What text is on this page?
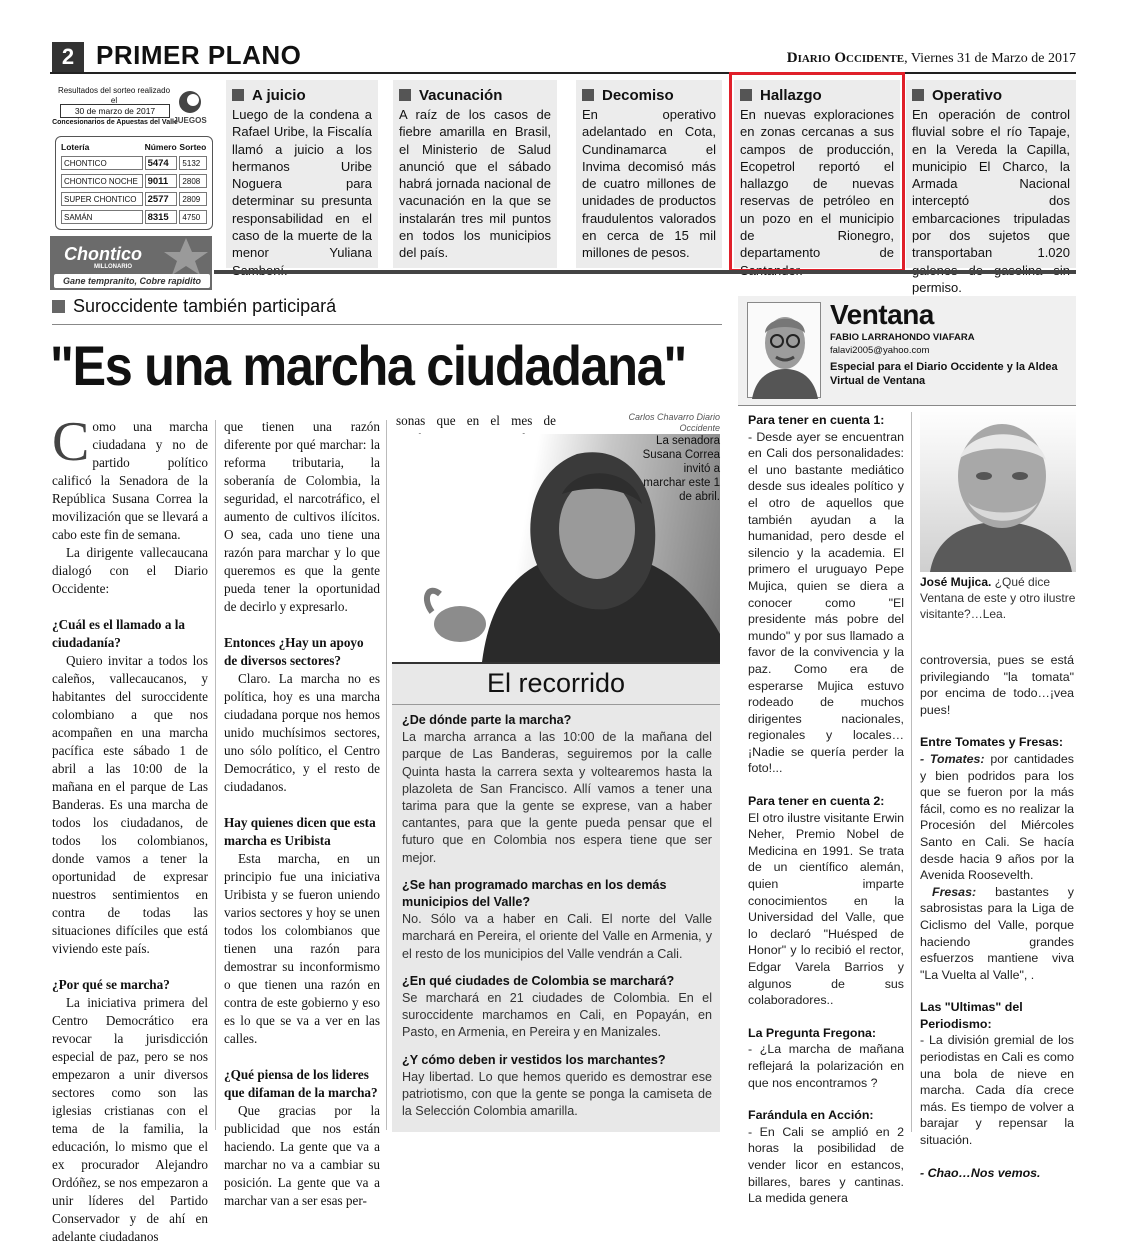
2 PRIMER PLANO	Diario Occidente, Viernes 31 de Marzo de 2017
Resultados del sorteo realizado el
30 de marzo de 2017
Concesionarios de Apuestas del Valle
JUEGOS
Lotería	Número	Sorteo

CHONTICO	5474	5132

CHONTICO NOCHE	9011	2808

SUPER CHONTICO	2577	2809

SAMÁN	8315	4750
Chontico
MILLONARIO
Gane tempranito, Cobre rapidito
A juicio

Luego de la condena a Rafael Uribe, la Fiscalía llamó a juicio a los hermanos Uribe Noguera para determinar su presunta responsabilidad en el caso de la muerte de la menor Yuliana

Vacunación

A raíz de los casos de fiebre amarilla en Brasil, el Ministerio de Salud anunció que el sábado habrá jornada nacional de vacunación en la que se instalarán tres mil puntos en todos los municipios del país.

Decomiso

En operativo adelantado en Cota, Cundinamarca el Invima decomisó más de cuatro millones de unidades de productos fraudulentos valorados en cerca de 15 mil millones de pesos.

Hallazgo

En nuevas exploraciones en zonas cercanas a sus campos de producción, Ecopetrol reportó el hallazgo de nuevas reservas de petróleo en un pozo en el municipio de Rionegro, departamento de

Operativo

En operación de control fluvial sobre el río Tapaje, en la Vereda la Capilla, municipio El Charco, la Armada Nacional interceptó dos embarcaciones tripuladas por dos sujetos que transportaban 1.020 permiso.

Suroccidente también participará
"Es una marcha ciudadana"

Como una marcha ciudadana y no de partido político calificó la Senadora de la República Susana Correa la movilización que se llevará a cabo este fin de semana.

La dirigente vallecaucana dialogó con el Diario Occidente:

¿Cuál es el llamado a la ciudadanía?

Quiero invitar a todos los caleños, vallecaucanos, y habitantes del suroccidente colombiano a que nos acompañen en una marcha pacífica este sábado 1 de abril a las 10:00 de la mañana en el parque de Las Banderas. Es una marcha de todos los ciudadanos, de todos los colombianos, donde vamos a tener la oportunidad de expresar nuestros sentimientos en contra de todas las situaciones difíciles que está viviendo este país.

¿Por qué se marcha?

La iniciativa primera del Centro Democrático era revocar la jurisdicción especial de paz, pero se nos empezaron a unir diversos sectores como son las iglesias cristianas con el tema de la familia, la educación, lo mismo que el ex procurador Alejandro Ordóñez, se nos empezaron a unir líderes del Partido Conservador y de ahí en adelante ciudadanos

que tienen una razón diferente por qué marchar: la reforma tributaria, la soberanía de Colombia, la seguridad, el narcotráfico, el aumento de cultivos ilícitos. O sea, cada uno tiene una razón para marchar y lo que queremos es que la gente pueda tener la oportunidad de decirlo y expresarlo.

Entonces ¿Hay un apoyo de diversos sectores?

Claro. La marcha no es política, hoy es una marcha ciudadana porque nos hemos unido muchísimos sectores, uno sólo político, el Centro Democrático, y el resto de ciudadanos.

Hay quienes dicen que esta marcha es Uribista

Esta marcha, en un principio fue una iniciativa Uribista y se fueron uniendo varios sectores y hoy se unen todos los colombianos que tienen una razón para demostrar su inconformismo o que tienen una razón en contra de este gobierno y eso es lo que se va a ver en las calles.

¿Qué piensa de los lideres que difaman de la marcha?

Que gracias por la publicidad que nos están haciendo. La gente que va a marchar no va a cambiar su posición. La gente que va a marchar van a ser esas per-

sonas que en el mes de	Carlos Chavarro Diario Occidente
La senadora Susana Correa invitó a marchar este 1 de abril.
El recorrido
¿De dónde parte la marcha?

La marcha arranca a las 10:00 de la mañana del parque de Las Banderas, seguiremos por la calle Quinta hasta la carrera sexta y voltearemos hasta la plazoleta de San Francisco. Allí vamos a tener una tarima para que la gente se exprese, van a haber cantantes, para que la gente pueda pensar que el futuro que en Colombia nos espera tiene que ser mejor.

¿Se han programado marchas en los demás municipios del Valle?

No. Sólo va a haber en Cali. El norte del Valle marchará en Pereira, el oriente del Valle en Armenia, y el resto de los municipios del Valle vendrán a Cali.

¿En qué ciudades de Colombia se marchará?

Se marchará en 21 ciudades de Colombia. En el suroccidente marchamos en Cali, en Popayán, en Pasto, en Armenia, en Pereira y en Manizales.

¿Y cómo deben ir vestidos los marchantes?

Hay libertad. Lo que hemos querido es demostrar ese patriotismo, con que la gente se ponga la camiseta de la Selección Colombia amarilla.

Ventana
FABIO LARRAHONDO VIAFARA
falavi2005@yahoo.com
Especial para el Diario Occidente y la Aldea Virtual de Ventana
Para tener en cuenta 1:

- Desde ayer se encuentran en Cali dos personalidades: el uno bastante mediático desde sus ideales político y el otro de aquellos que también ayudan a la humanidad, pero desde el silencio y la academia. El primero el uruguayo Pepe Mujica, quien se diera a conocer como "El presidente más pobre del mundo" y por sus llamado a favor de la convivencia y la paz. Como era de esperarse Mujica estuvo rodeado de muchos dirigentes nacionales, regionales y locales…¡Nadie se quería perder la foto!...

Para tener en cuenta 2:

El otro ilustre visitante Erwin Neher, Premio Nobel de Medicina en 1991. Se trata de un científico alemán, quien imparte conocimientos en la Universidad del Valle, que lo declaró "Huésped de Honor" y lo recibió el rector, Edgar Varela Barrios y algunos de sus colaboradores..

La Pregunta Fregona:

- ¿La marcha de mañana reflejará la polarización en que nos encontramos ?

Farándula en Acción:

- En Cali se amplió en 2 horas la posibilidad de vender licor en estancos, billares, bares y cantinas. La medida genera

José Mujica. ¿Qué dice Ventana de este y otro ilustre visitante?…Lea.

controversia, pues se está privilegiando "la tomata" por encima de todo…¡vea pues!

Entre Tomates y Fresas:

- Tomates: por cantidades y bien podridos para los que se fueron por la más fácil, como es no realizar la Procesión del Miércoles Santo en Cali. Se hacía desde hacia 9 años por la Avenida Roosevelth.

Fresas: bastantes y sabrosistas para la Liga de Ciclismo del Valle, porque haciendo grandes esfuerzos mantiene viva "La Vuelta al Valle", .

Las "Ultimas" del Periodismo:

- La división gremial de los periodistas en Cali es como una bola de nieve en marcha. Cada día crece más. Es tiempo de volver a barajar y repensar la situación.

- Chao…Nos vemos.
